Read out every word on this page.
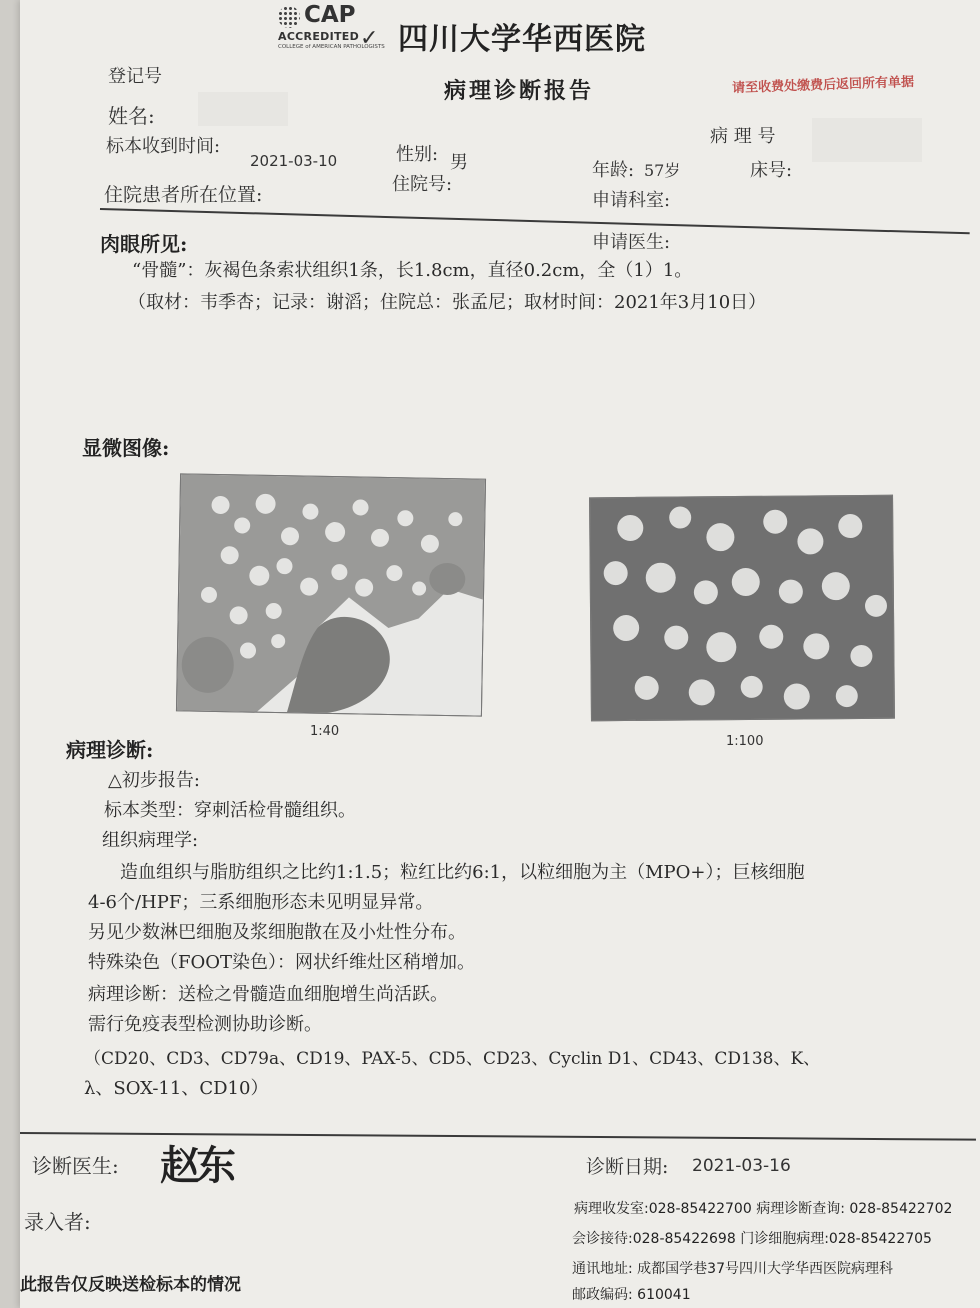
CAP
ACCREDITED
COLLEGE of AMERICAN PATHOLOGISTS
✓ 四川大学华西医院
病理诊断报告	请至收费处缴费后返回所有单据
登记号
姓名:
病 理 号
标本收到时间:
2021-03-10	性别: 男	年龄: 57岁	床号:
住院号:
申请科室:
住院患者所在位置:
申请医生:
肉眼所见:
“骨髓”：灰褐色条索状组织1条，长1.8cm，直径0.2cm，全（1）1。
（取材：韦季杏；记录：谢滔；住院总：张孟尼；取材时间：2021年3月10日）
显微图像:
1:40
1:100
病理诊断:
△初步报告:
标本类型：穿刺活检骨髓组织。
组织病理学:
造血组织与脂肪组织之比约1:1.5；粒红比约6:1，以粒细胞为主（MPO+）；巨核细胞
4-6个/HPF；三系细胞形态未见明显异常。
另见少数淋巴细胞及浆细胞散在及小灶性分布。
特殊染色（FOOT染色）：网状纤维灶区稍增加。
病理诊断：送检之骨髓造血细胞增生尚活跃。
需行免疫表型检测协助诊断。
（CD20、CD3、CD79a、CD19、PAX-5、CD5、CD23、Cyclin D1、CD43、CD138、K、
λ、SOX-11、CD10）
诊断医生: 赵东	诊断日期: 2021-03-16
录入者:
病理收发室:028-85422700 病理诊断查询: 028-85422702
会诊接待:028-85422698 门诊细胞病理:028-85422705
通讯地址: 成都国学巷37号四川大学华西医院病理科
邮政编码: 610041
此报告仅反映送检标本的情况
